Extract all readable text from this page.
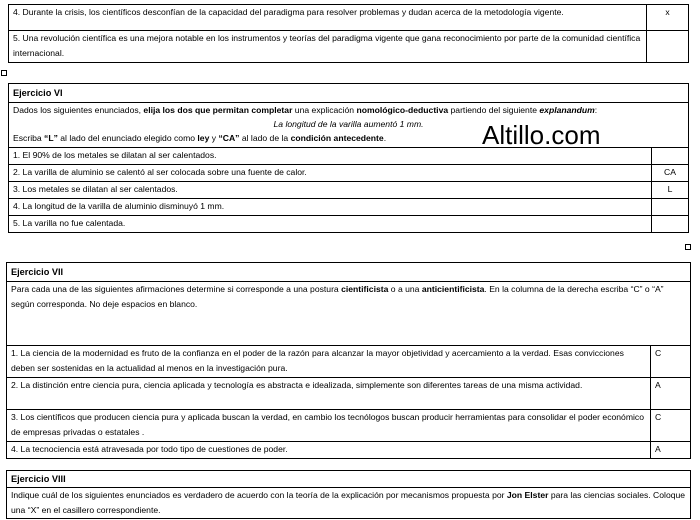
4. Durante la crisis, los científicos desconfían de la capacidad del paradigma para resolver problemas y dudan acerca de la metodología vigente.	x
5. Una revolución científica es una mejora notable en los instrumentos y teorías del paradigma vigente que gana reconocimiento por parte de la comunidad científica internacional.	
Ejercicio VI	

Dados los siguientes enunciados, elija los dos que permitan completar una explicación nomológico-deductiva partiendo del siguiente explanandum:
La longitud de la varilla aumentó 1 mm.
Escriba “L” al lado del enunciado elegido como ley y “CA” al lado de la condición antecedente.	

1. El 90% de los metales se dilatan al ser calentados.	
2. La varilla de aluminio se calentó al ser colocada sobre una fuente de calor.	CA
3. Los metales se dilatan al ser calentados.	L
4. La longitud de la varilla de aluminio disminuyó 1 mm.	
5. La varilla no fue calentada.	
Altillo.com
Ejercicio VII	
Para cada una de las siguientes afirmaciones determine si corresponde a una postura cientificista o a una anticientificista. En la columna de la derecha escriba “C” o “A” según corresponda. No deje espacios en blanco.	
1. La ciencia de la modernidad es fruto de la confianza en el poder de la razón para alcanzar la mayor objetividad y acercamiento a la verdad. Esas convicciones deben ser sostenidas en la actualidad al menos en la investigación pura.	C
2. La distinción entre ciencia pura, ciencia aplicada y tecnología es abstracta e idealizada, simplemente son diferentes tareas de una misma actividad.	A
3. Los científicos que producen ciencia pura y aplicada buscan la verdad, en cambio los tecnólogos buscan producir herramientas para consolidar el poder económico de empresas privadas o estatales .	C
4. La tecnociencia está atravesada por todo tipo de cuestiones de poder.	A
Ejercicio VIII
Indique cuál de los siguientes enunciados es verdadero de acuerdo con la teoría de la explicación por mecanismos propuesta por Jon Elster para las ciencias sociales. Coloque una “X” en el casillero correspondiente.
